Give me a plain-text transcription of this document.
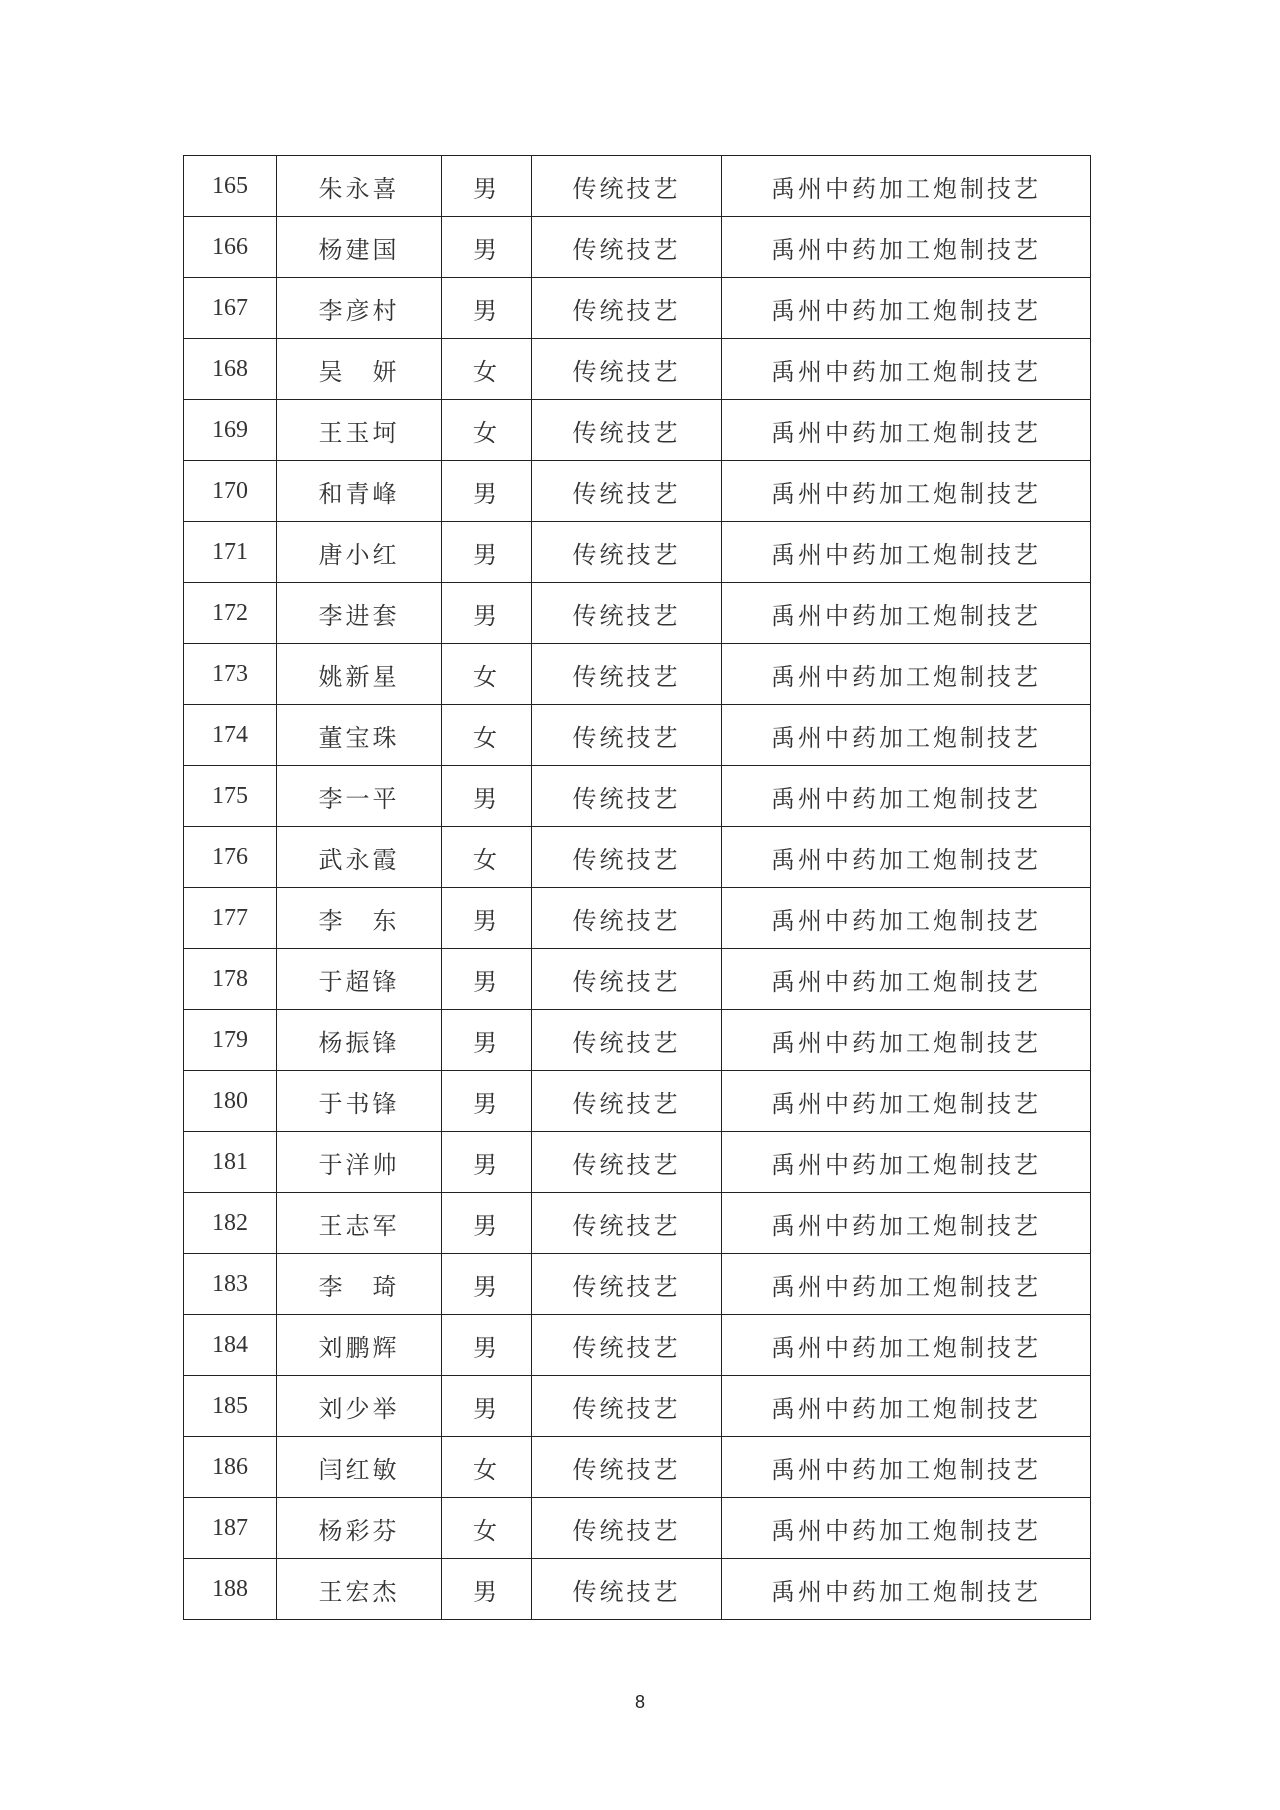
165	朱永喜	男	传统技艺	禹州中药加工炮制技艺
166	杨建国	男	传统技艺	禹州中药加工炮制技艺
167	李彦村	男	传统技艺	禹州中药加工炮制技艺
168	吴　妍	女	传统技艺	禹州中药加工炮制技艺
169	王玉坷	女	传统技艺	禹州中药加工炮制技艺
170	和青峰	男	传统技艺	禹州中药加工炮制技艺
171	唐小红	男	传统技艺	禹州中药加工炮制技艺
172	李进套	男	传统技艺	禹州中药加工炮制技艺
173	姚新星	女	传统技艺	禹州中药加工炮制技艺
174	董宝珠	女	传统技艺	禹州中药加工炮制技艺
175	李一平	男	传统技艺	禹州中药加工炮制技艺
176	武永霞	女	传统技艺	禹州中药加工炮制技艺
177	李　东	男	传统技艺	禹州中药加工炮制技艺
178	于超锋	男	传统技艺	禹州中药加工炮制技艺
179	杨振锋	男	传统技艺	禹州中药加工炮制技艺
180	于书锋	男	传统技艺	禹州中药加工炮制技艺
181	于洋帅	男	传统技艺	禹州中药加工炮制技艺
182	王志军	男	传统技艺	禹州中药加工炮制技艺
183	李　琦	男	传统技艺	禹州中药加工炮制技艺
184	刘鹏辉	男	传统技艺	禹州中药加工炮制技艺
185	刘少举	男	传统技艺	禹州中药加工炮制技艺
186	闫红敏	女	传统技艺	禹州中药加工炮制技艺
187	杨彩芬	女	传统技艺	禹州中药加工炮制技艺
188	王宏杰	男	传统技艺	禹州中药加工炮制技艺
8
